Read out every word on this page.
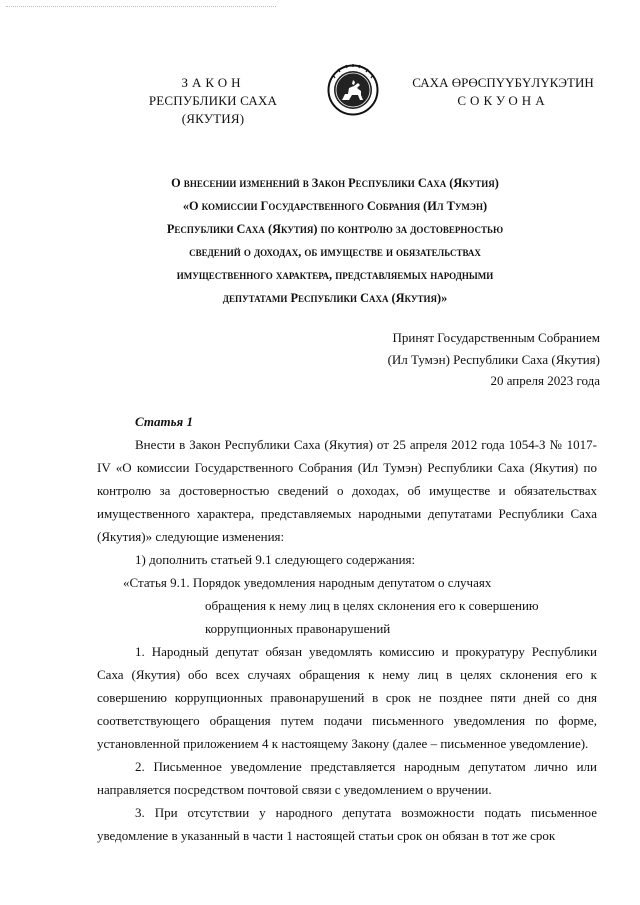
ЗАКОН
РЕСПУБЛИКИ САХА (ЯКУТИЯ)
САХА ӨРӨСПҮҮБҮЛҮКЭТИН
СОКУОНА
О внесении изменений в Закон Республики Саха (Якутия)
«О комиссии Государственного Собрания (Ил Тумэн)
Республики Саха (Якутия) по контролю за достоверностью
сведений о доходах, об имуществе и обязательствах
имущественного характера, представляемых народными
депутатами Республики Саха (Якутия)»
Принят Государственным Собранием
(Ил Тумэн) Республики Саха (Якутия)
20 апреля 2023 года
Статья 1

Внести в Закон Республики Саха (Якутия) от 25 апреля 2012 года 1054-З № 1017-IV «О комиссии Государственного Собрания (Ил Тумэн) Республики Саха (Якутия) по контролю за достоверностью сведений о доходах, об имуществе и обязательствах имущественного характера, представляемых народными депутатами Республики Саха (Якутия)» следующие изменения:

1) дополнить статьей 9.1 следующего содержания:

«Статья 9.1. Порядок уведомления народным депутатом о случаях
обращения к нему лиц в целях склонения его к совершению
коррупционных правонарушений

1. Народный депутат обязан уведомлять комиссию и прокуратуру Республики Саха (Якутия) обо всех случаях обращения к нему лиц в целях склонения его к совершению коррупционных правонарушений в срок не позднее пяти дней со дня соответствующего обращения путем подачи письменного уведомления по форме, установленной приложением 4 к настоящему Закону (далее – письменное уведомление).

2. Письменное уведомление представляется народным депутатом лично или направляется посредством почтовой связи с уведомлением о вручении.

3. При отсутствии у народного депутата возможности подать письменное уведомление в указанный в части 1 настоящей статьи срок он обязан в тот же срок
